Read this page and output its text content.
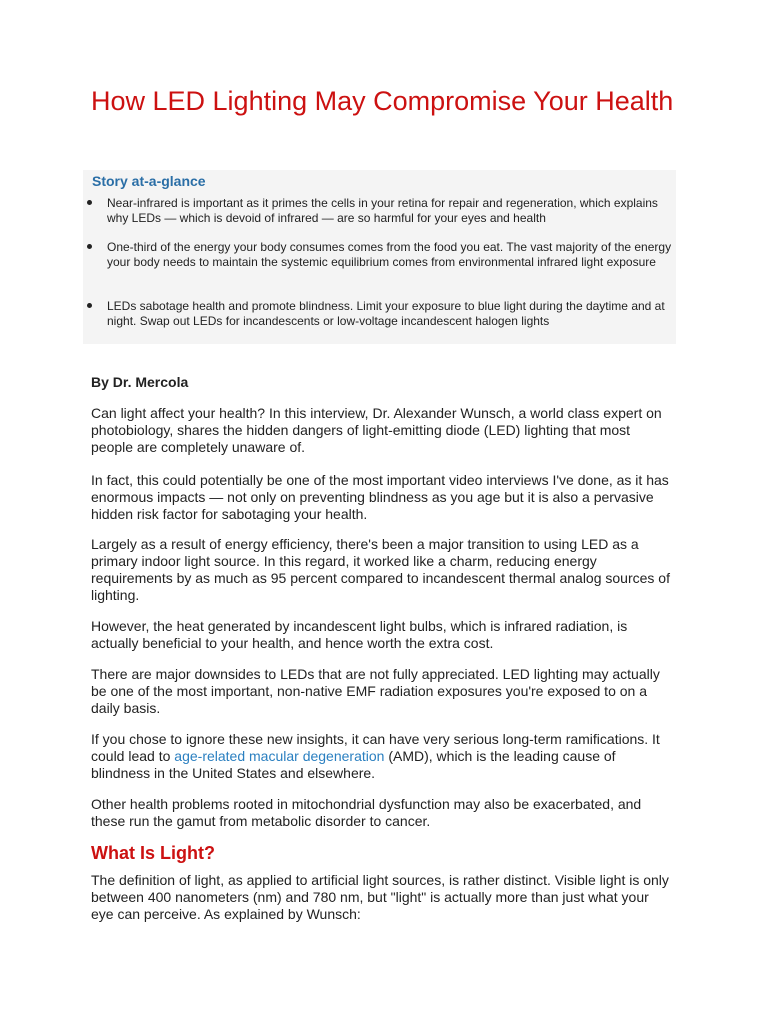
How LED Lighting May Compromise Your Health
Story at-a-glance
Near-infrared is important as it primes the cells in your retina for repair and regeneration, which explains why LEDs — which is devoid of infrared — are so harmful for your eyes and health
One-third of the energy your body consumes comes from the food you eat. The vast majority of the energy your body needs to maintain the systemic equilibrium comes from environmental infrared light exposure
LEDs sabotage health and promote blindness. Limit your exposure to blue light during the daytime and at night. Swap out LEDs for incandescents or low-voltage incandescent halogen lights
By Dr. Mercola

Can light affect your health? In this interview, Dr. Alexander Wunsch, a world class expert on photobiology, shares the hidden dangers of light-emitting diode (LED) lighting that most people are completely unaware of.

In fact, this could potentially be one of the most important video interviews I've done, as it has enormous impacts — not only on preventing blindness as you age but it is also a pervasive hidden risk factor for sabotaging your health.

Largely as a result of energy efficiency, there's been a major transition to using LED as a primary indoor light source. In this regard, it worked like a charm, reducing energy requirements by as much as 95 percent compared to incandescent thermal analog sources of lighting.

However, the heat generated by incandescent light bulbs, which is infrared radiation, is actually beneficial to your health, and hence worth the extra cost.

There are major downsides to LEDs that are not fully appreciated. LED lighting may actually be one of the most important, non-native EMF radiation exposures you're exposed to on a daily basis.

If you chose to ignore these new insights, it can have very serious long-term ramifications. It could lead to age-related macular degeneration (AMD), which is the leading cause of blindness in the United States and elsewhere.

Other health problems rooted in mitochondrial dysfunction may also be exacerbated, and these run the gamut from metabolic disorder to cancer.

What Is Light?

The definition of light, as applied to artificial light sources, is rather distinct. Visible light is only between 400 nanometers (nm) and 780 nm, but "light" is actually more than just what your eye can perceive. As explained by Wunsch:
